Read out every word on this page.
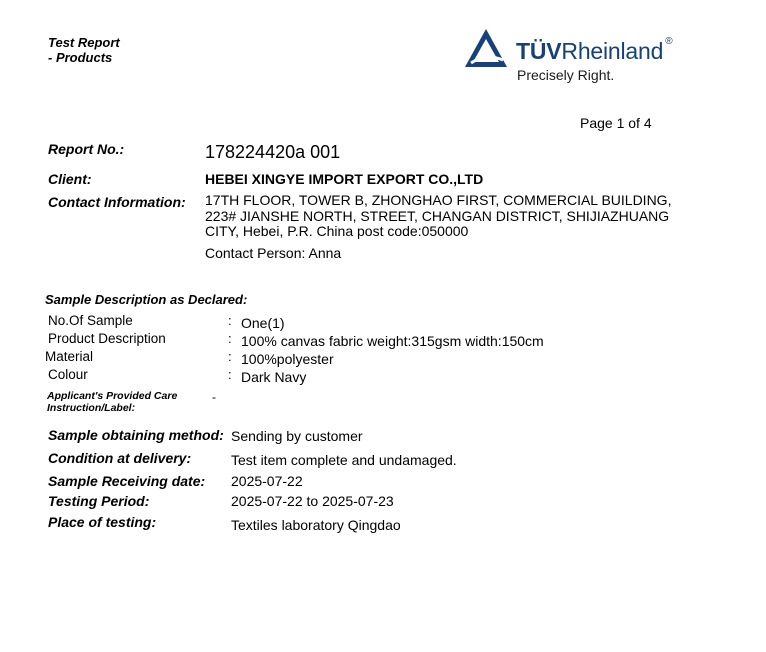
Test Report
- Products	TÜVRheinland ®
Precisely Right.
Page 1 of 4
Report No.:	178224420a 001
Client:	HEBEI XINGYE IMPORT EXPORT CO.,LTD
Contact Information: 17TH FLOOR, TOWER B, ZHONGHAO FIRST, COMMERCIAL BUILDING,
223# JIANSHE NORTH, STREET, CHANGAN DISTRICT, SHIJIAZHUANG
CITY, Hebei, P.R. China post code:050000
Contact Person: Anna
Sample Description as Declared:
No.Of Sample	: One(1)
Product Description	: 100% canvas fabric weight:315gsm width:150cm
Material	: 100%polyester
Colour	: Dark Navy
Applicant's Provided Care
Instruction/Label:
-
Sample obtaining method: Sending by customer
Condition at delivery:	Test item complete and undamaged.
Sample Receiving date: 2025-07-22
Testing Period:	2025-07-22 to 2025-07-23
Place of testing:	Textiles laboratory Qingdao
